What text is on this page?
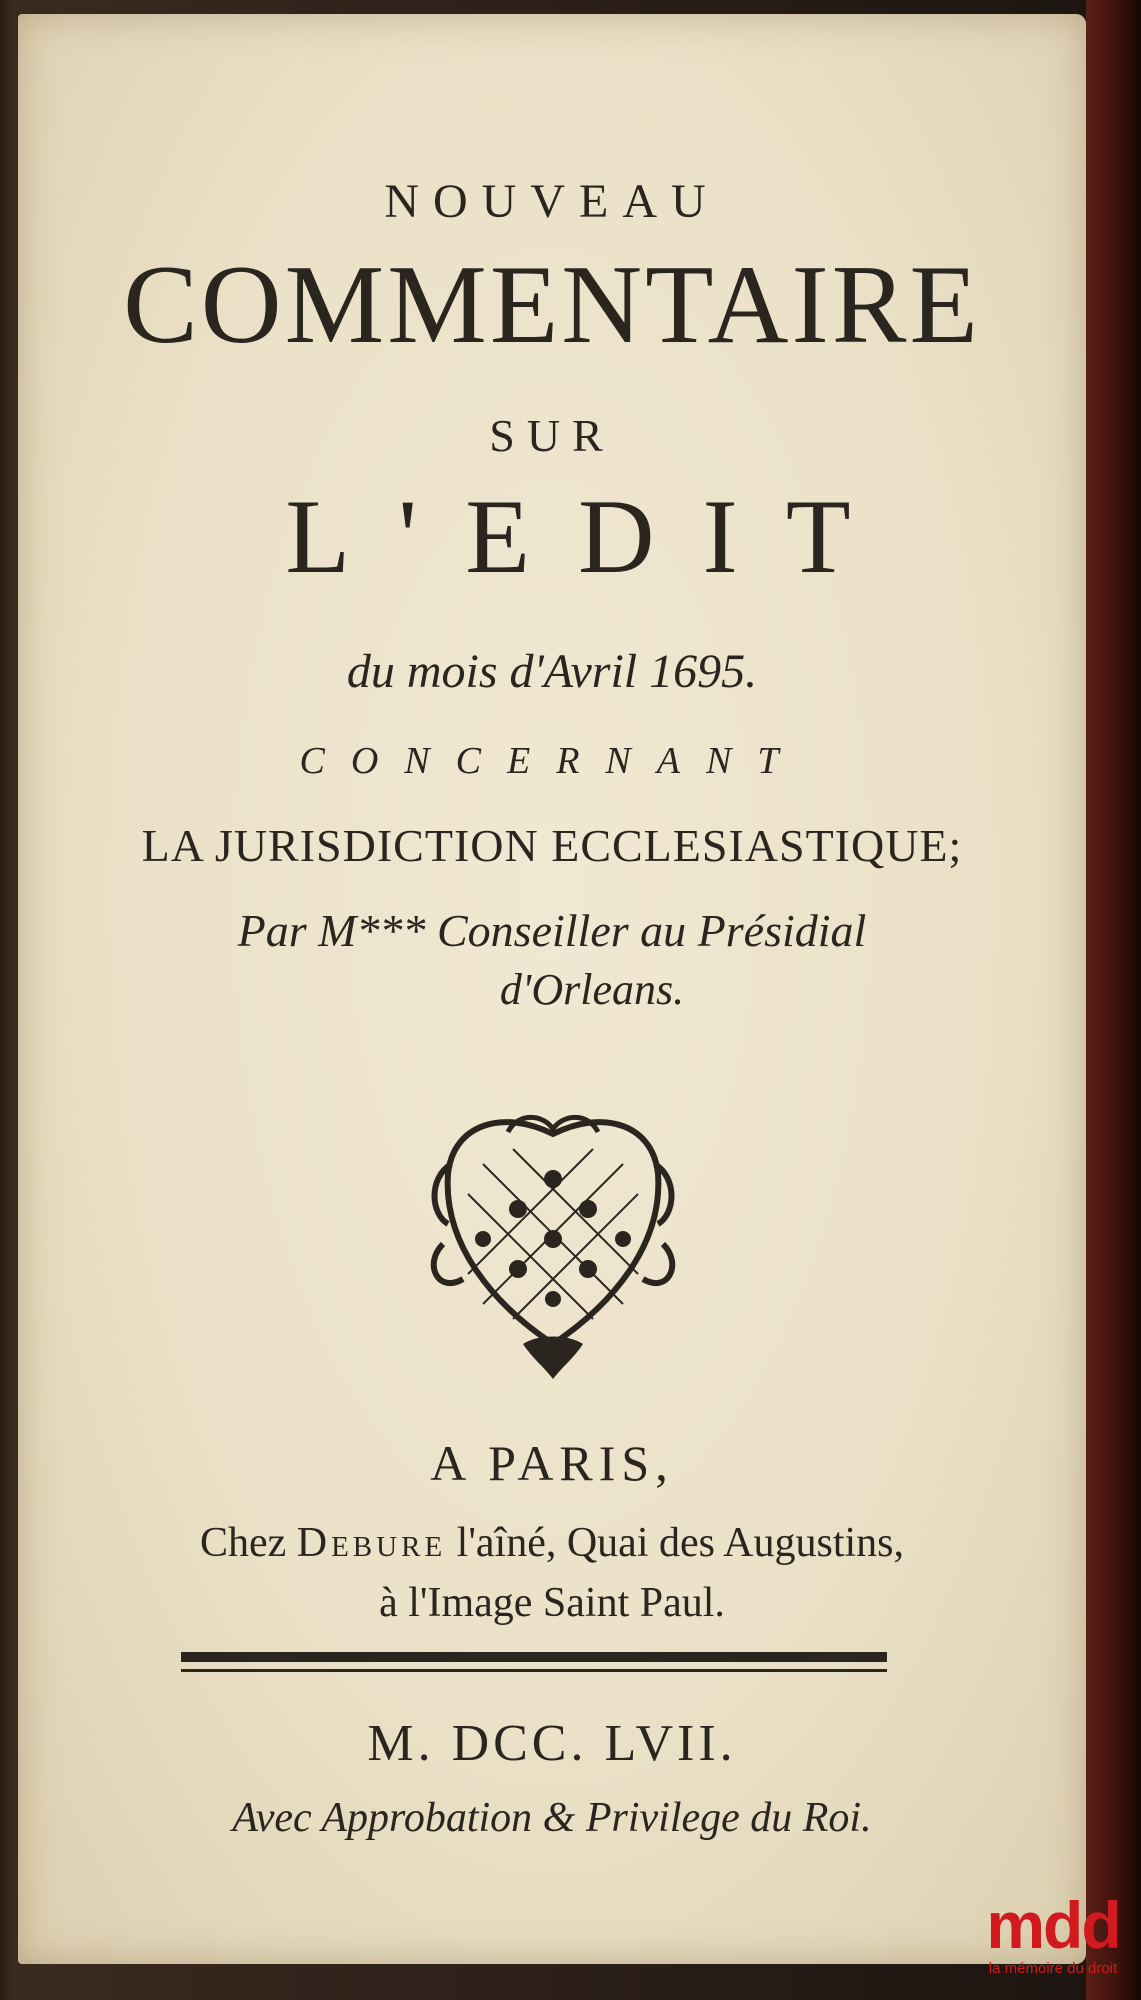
NOUVEAU
COMMENTAIRE
SUR
L'EDIT
du mois d'Avril 1695.
CONCERNANT
LA JURISDICTION ECCLESIASTIQUE;
Par M*** Conseiller au Présidial
d'Orleans.
A PARIS,
Chez Debure l'aîné, Quai des Augustins,
à l'Image Saint Paul.
M. DCC. LVII.
Avec Approbation & Privilege du Roi.
mdd
la mémoire du droit
